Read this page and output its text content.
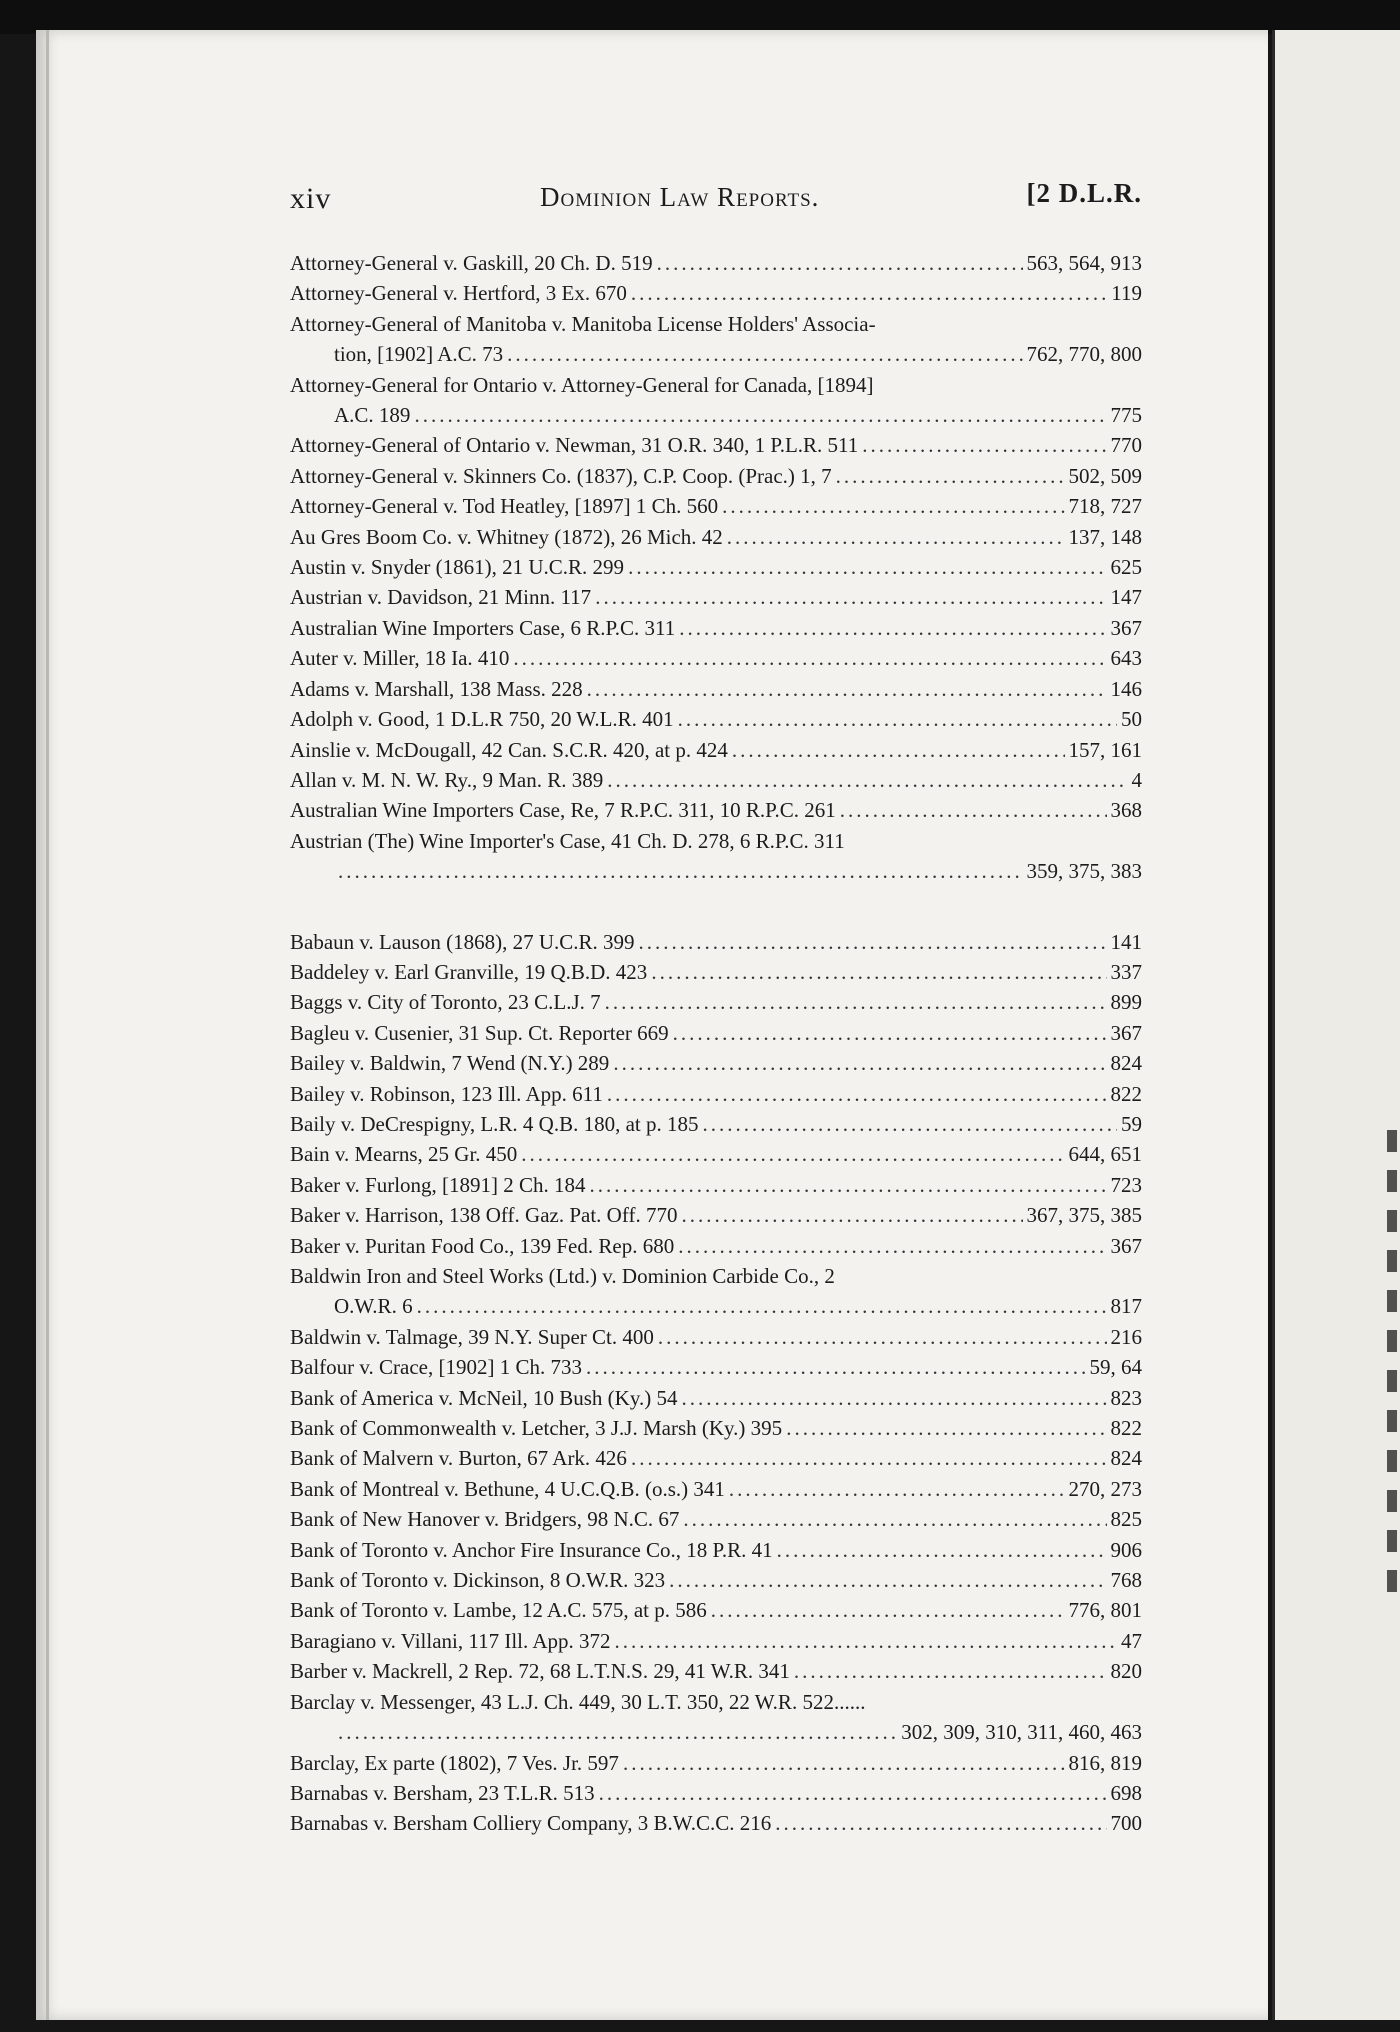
xiv	Dominion Law Reports.	[2 D.L.R.
Attorney-General v. Gaskill, 20 Ch. D. 519 .....	563, 564, 913
Attorney-General v. Hertford, 3 Ex. 670 .....	119
Attorney-General of Manitoba v. Manitoba License Holders' Associa-
tion, [1902] A.C. 73 .....	762, 770, 800
Attorney-General for Ontario v. Attorney-General for Canada, [1894]
A.C. 189 .....	775
Attorney-General of Ontario v. Newman, 31 O.R. 340, 1 P.L.R. 511 .....	770
Attorney-General v. Skinners Co. (1837), C.P. Coop. (Prac.) 1, 7 .....	502, 509
Attorney-General v. Tod Heatley, [1897] 1 Ch. 560 .....	718, 727
Au Gres Boom Co. v. Whitney (1872), 26 Mich. 42 .....	137, 148
Austin v. Snyder (1861), 21 U.C.R. 299 .....	625
Austrian v. Davidson, 21 Minn. 117 .....	147
Australian Wine Importers Case, 6 R.P.C. 311 .....	367
Auter v. Miller, 18 Ia. 410 .....	643
Adams v. Marshall, 138 Mass. 228 .....	146
Adolph v. Good, 1 D.L.R 750, 20 W.L.R. 401 .....	50
Ainslie v. McDougall, 42 Can. S.C.R. 420, at p. 424 .....	157, 161
Allan v. M. N. W. Ry., 9 Man. R. 389 .....	4
Australian Wine Importers Case, Re, 7 R.P.C. 311, 10 R.P.C. 261 .....	368
Austrian (The) Wine Importer's Case, 41 Ch. D. 278, 6 R.P.C. 311
.....
359, 375, 383
Babaun v. Lauson (1868), 27 U.C.R. 399 .....	141
Baddeley v. Earl Granville, 19 Q.B.D. 423 .....	337
Baggs v. City of Toronto, 23 C.L.J. 7 .....	899
Bagleu v. Cusenier, 31 Sup. Ct. Reporter 669 .....	367
Bailey v. Baldwin, 7 Wend (N.Y.) 289 .....	824
Bailey v. Robinson, 123 Ill. App. 611 .....	822
Baily v. DeCrespigny, L.R. 4 Q.B. 180, at p. 185 .....	59
Bain v. Mearns, 25 Gr. 450 .....	644, 651
Baker v. Furlong, [1891] 2 Ch. 184 .....	723
Baker v. Harrison, 138 Off. Gaz. Pat. Off. 770 .....	367, 375, 385
Baker v. Puritan Food Co., 139 Fed. Rep. 680 .....	367
Baldwin Iron and Steel Works (Ltd.) v. Dominion Carbide Co., 2
O.W.R. 6 .....	817
Baldwin v. Talmage, 39 N.Y. Super Ct. 400 .....	216
Balfour v. Crace, [1902] 1 Ch. 733 .....	59, 64
Bank of America v. McNeil, 10 Bush (Ky.) 54 .....	823
Bank of Commonwealth v. Letcher, 3 J.J. Marsh (Ky.) 395 .....	822
Bank of Malvern v. Burton, 67 Ark. 426 .....	824
Bank of Montreal v. Bethune, 4 U.C.Q.B. (o.s.) 341 .....	270, 273
Bank of New Hanover v. Bridgers, 98 N.C. 67 .....	825
Bank of Toronto v. Anchor Fire Insurance Co., 18 P.R. 41 .....	906
Bank of Toronto v. Dickinson, 8 O.W.R. 323 .....	768
Bank of Toronto v. Lambe, 12 A.C. 575, at p. 586 .....	776, 801
Baragiano v. Villani, 117 Ill. App. 372 .....	47
Barber v. Mackrell, 2 Rep. 72, 68 L.T.N.S. 29, 41 W.R. 341 .....	820
Barclay v. Messenger, 43 L.J. Ch. 449, 30 L.T. 350, 22 W.R. 522......
.....
302, 309, 310, 311, 460, 463
Barclay, Ex parte (1802), 7 Ves. Jr. 597 .....	816, 819
Barnabas v. Bersham, 23 T.L.R. 513 .....	698
Barnabas v. Bersham Colliery Company, 3 B.W.C.C. 216 .....	700
